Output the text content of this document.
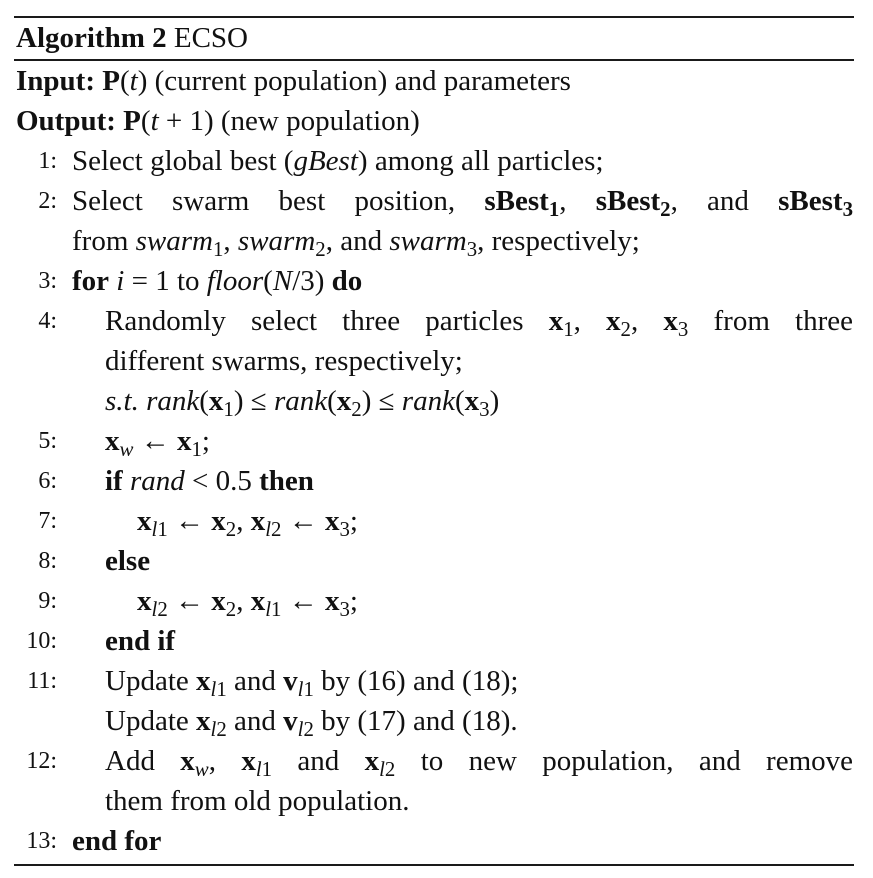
Algorithm 2 ECSO
Input: P(t) (current population) and parameters
Output: P(t + 1) (new population)
1: Select global best (gBest) among all particles;
2: Select swarm best position, sBest$_1$, sBest$_2$, and sBest$_3$
from swarm$_1$, swarm$_2$, and swarm$_3$, respectively;
3: for i = 1 to floor(N/3) do
4: Randomly select three particles $x_1$, $x_2$, $x_3$ from three
different swarms, respectively;
s.t. $rank(x_1)$ ≤ $rank(x_2)$ ≤ $rank(x_3)$
5: $x_w$ ← $x_1$;
6: if rand < 0.5 then
7:	$x_{l1}$ ← $x_2$, $x_{l2}$ ← $x_3$;
8: else
9:	$x_{l2}$ ← $x_2$, $x_{l1}$ ← $x_3$;
10: end if
11: Update $x_{l1}$ and $v_{l1}$ by (16) and (18);
Update $x_{l2}$ and $v_{l2}$ by (17) and (18).
12: Add $x_w$, $x_{l1}$ and $x_{l2}$ to new population, and remove
them from old population.
13: end for
